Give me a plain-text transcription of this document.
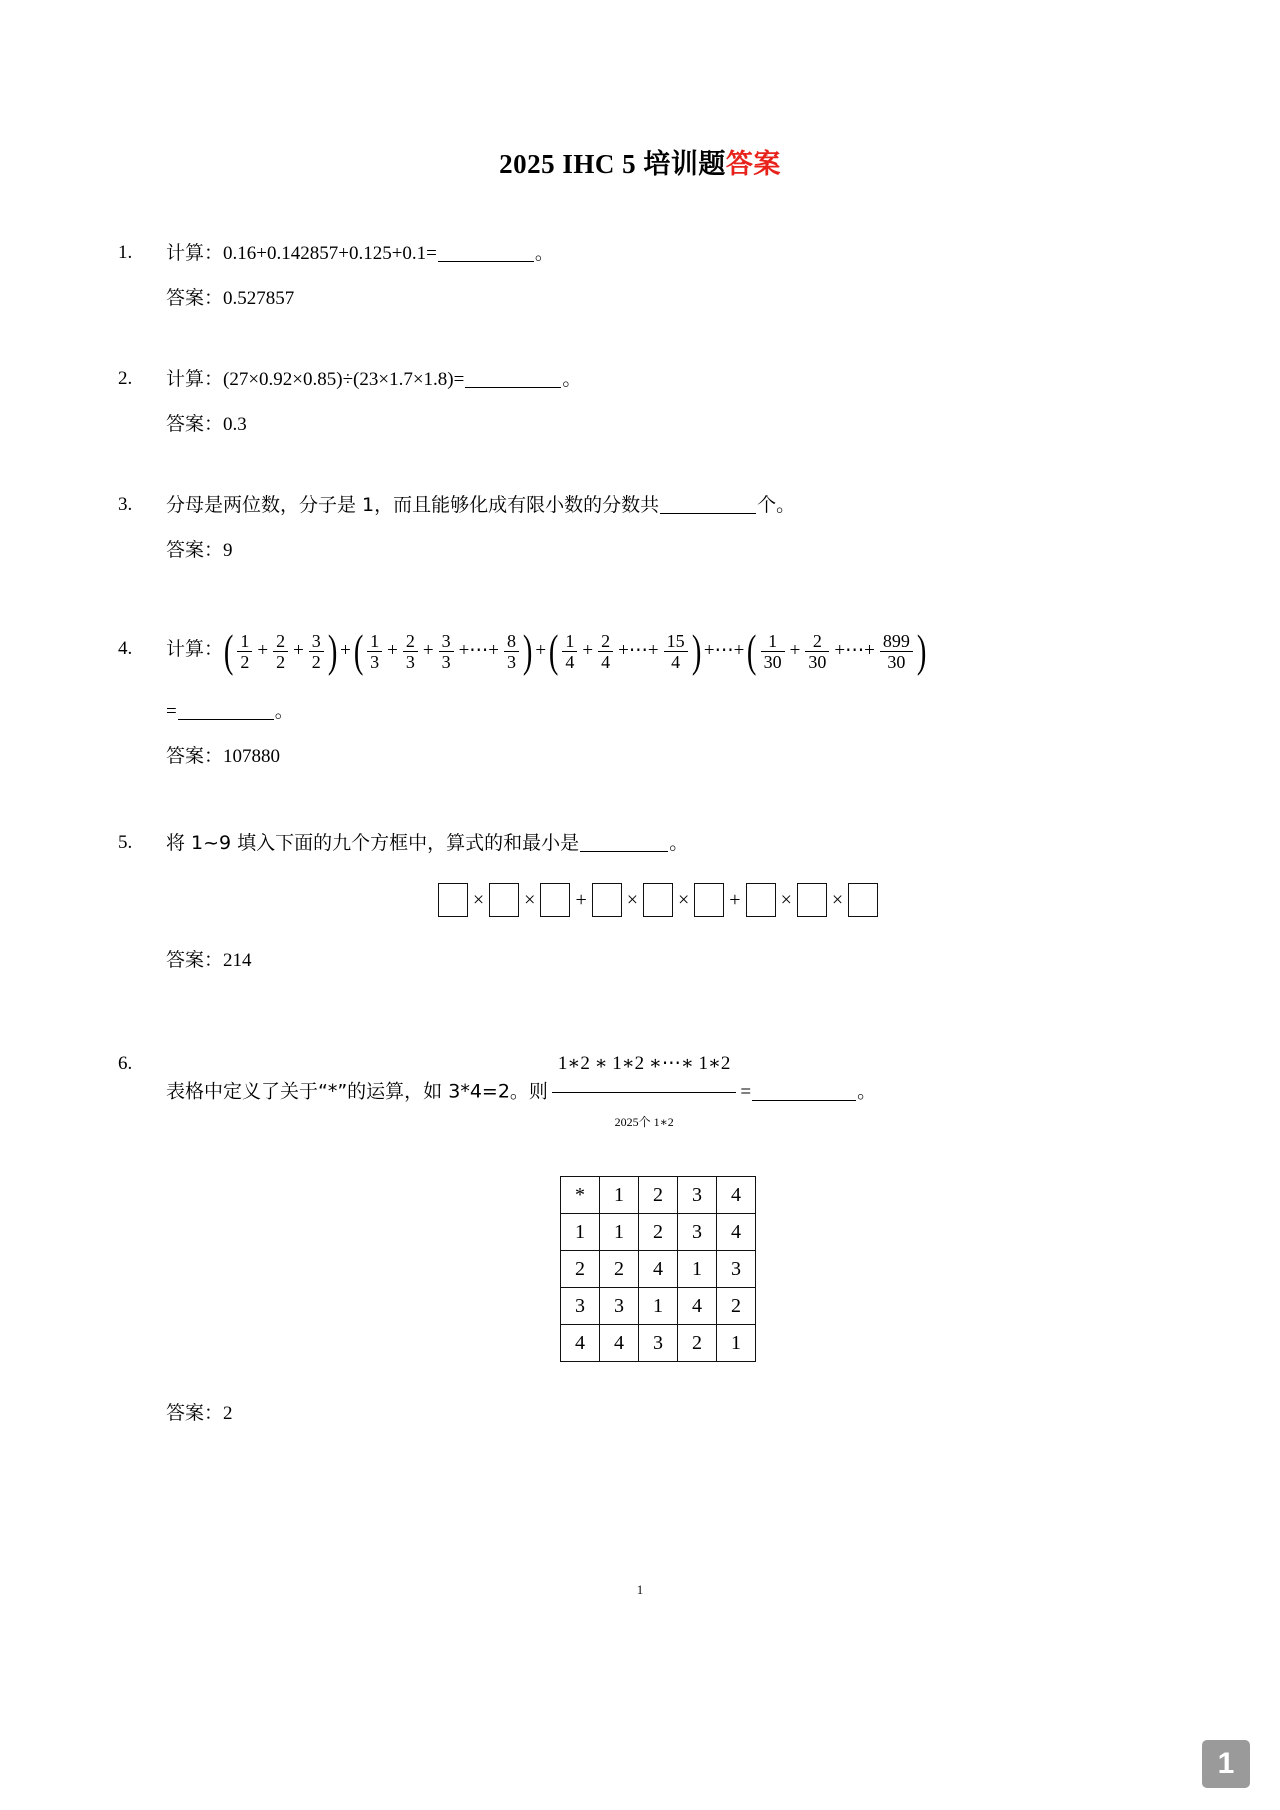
2025 IHC 5 培训题答案
1.	计算：0.16+0.142857+0.125+0.1=	。
答案：0.527857
2.	计算：(27×0.92×0.85)÷(23×1.7×1.8)=	。
答案：0.3
3.	分母是两位数，分子是 1，而且能够化成有限小数的分数共	个。
答案：9
4.	计算：( $\frac{1}{2} + \frac{2}{2} + \frac{3}{2}$ ) +( $\frac{1}{3} + \frac{2}{3} + \frac{3}{3}$ +⋯+ $\frac{8}{3}$ ) +( $\frac{1}{4} + \frac{2}{4}$ +⋯+ $\frac{15}{4}$ ) +⋯+( $\frac{1}{30} + \frac{2}{30}$ +⋯+ $\frac{899}{30}$ )
=	。
答案：107880
5.	将 1~9 填入下面的九个方框中，算式的和最小是	。
× × + × × + × ×
答案：214
6.
表格中定义了关于“*”的运算，如 3*4=2。则
1∗2 ∗ 1∗2 ∗⋯∗ 1∗2
2025个 1∗2
=	。
*	1	2	3	4
1	1	2	3	4
2	2	4	1	3
3	3	1	4	2
4	4	3	2	1
答案：2
1
1
